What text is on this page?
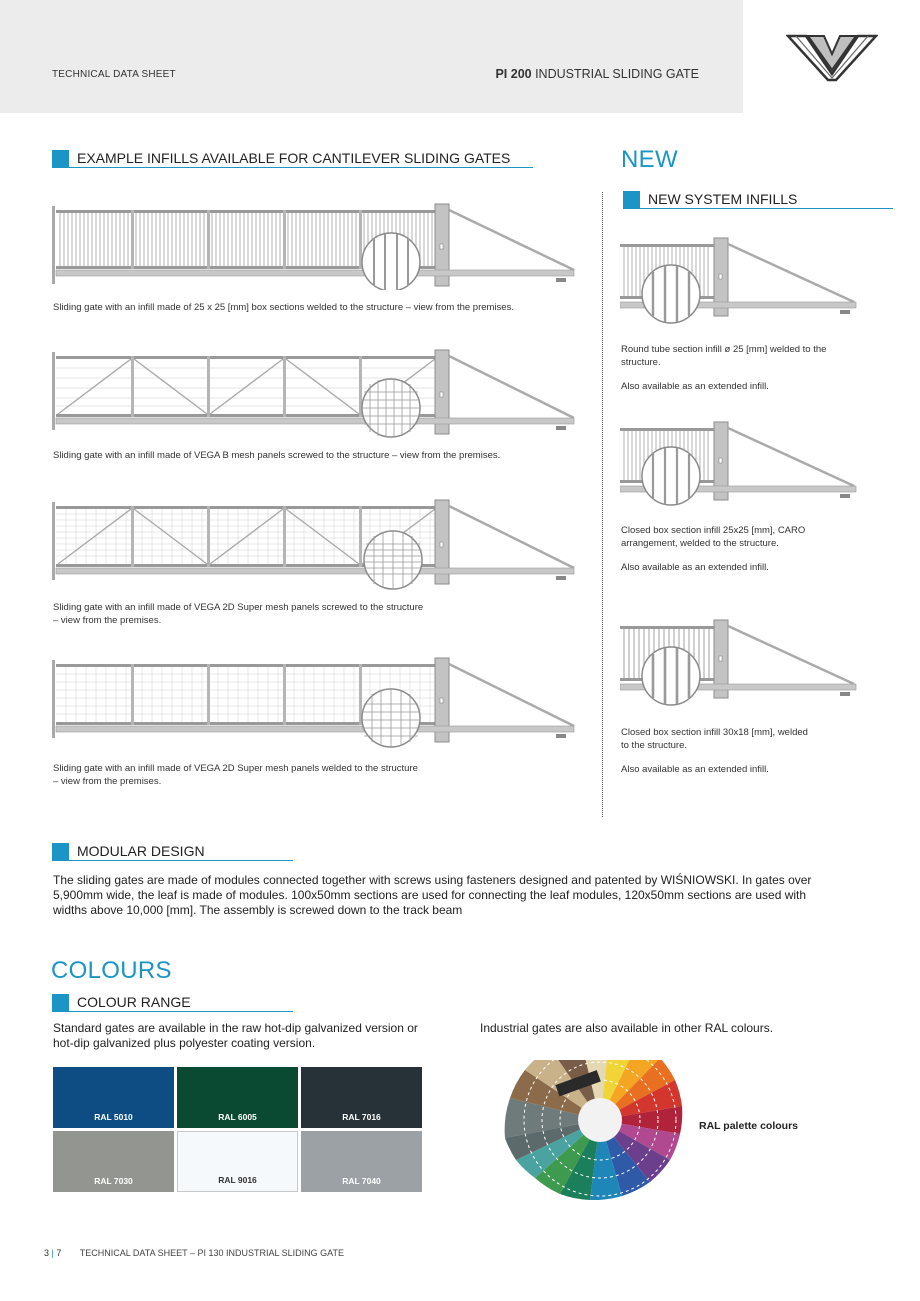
TECHNICAL DATA SHEET	PI 200 INDUSTRIAL SLIDING GATE
EXAMPLE INFILLS AVAILABLE FOR CANTILEVER SLIDING GATES
Sliding gate with an infill made of 25 x 25 [mm] box sections welded to the structure – view from the premises.
Sliding gate with an infill made of VEGA B mesh panels screwed to the structure – view from the premises.
Sliding gate with an infill made of VEGA 2D Super mesh panels screwed to the structure
– view from the premises.
Sliding gate with an infill made of VEGA 2D Super mesh panels welded to the structure
– view from the premises.
NEW
NEW SYSTEM INFILLS
Round tube section infill ø 25 [mm] welded to the
structure.
Also available as an extended infill.
Closed box section infill 25x25 [mm], CARO
arrangement, welded to the structure.
Also available as an extended infill.
Closed box section infill 30x18 [mm], welded
to the structure.
Also available as an extended infill.
MODULAR DESIGN
The sliding gates are made of modules connected together with screws using fasteners designed and patented by WIŚNIOWSKI. In gates over
5,900mm wide, the leaf is made of modules. 100x50mm sections are used for connecting the leaf modules, 120x50mm sections are used with
widths above 10,000 [mm]. The assembly is screwed down to the track beam
COLOURS
COLOUR RANGE
Standard gates are available in the raw hot-dip galvanized version or
hot-dip galvanized plus polyester coating version.
Industrial gates are also available in other RAL colours.
RAL 5010	RAL 6005	RAL 7016
RAL 7030	RAL 9016	RAL 7040
RAL palette colours
3 | 7 TECHNICAL DATA SHEET – PI 130 INDUSTRIAL SLIDING GATE
